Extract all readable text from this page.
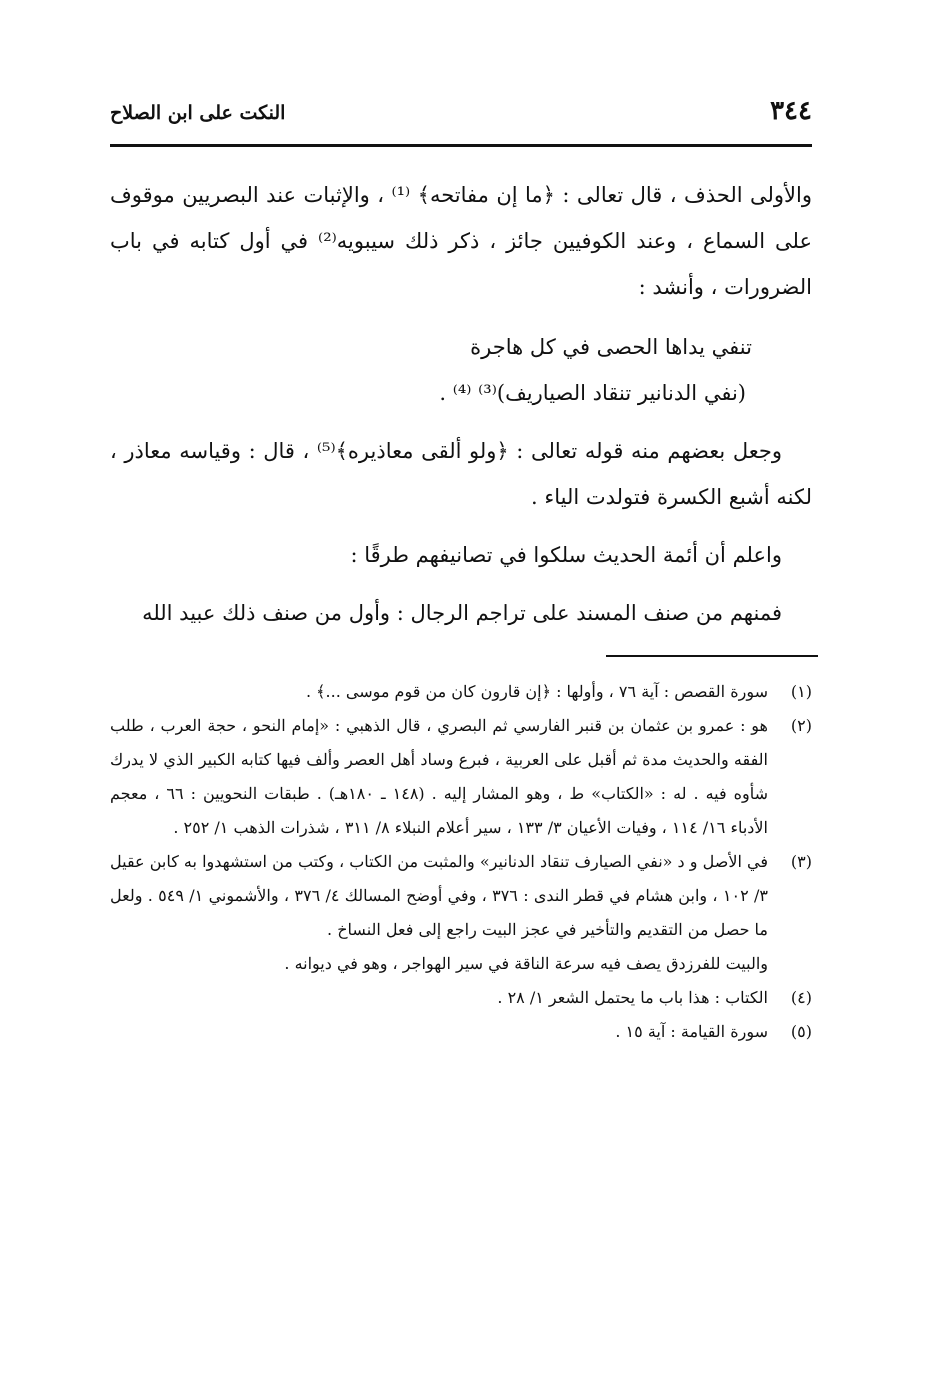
٣٤٤
النكت على ابن الصلاح

والأولى الحذف ، قال تعالى : ﴿ما إن مفاتحه﴾ ⁽¹⁾ ، والإثبات عند البصريين موقوف على السماع ، وعند الكوفيين جائز ، ذكر ذلك سيبويه⁽²⁾ في أول كتابه في باب الضرورات ، وأنشد :

تنفي يداها الحصى في كل هاجرة (نفي الدنانير تنقاد الصياريف)⁽³⁾ ⁽⁴⁾ .

وجعل بعضهم منه قوله تعالى : ﴿ولو ألقى معاذيره﴾⁽⁵⁾ ، قال : وقياسه معاذر ، لكنه أشبع الكسرة فتولدت الياء .

واعلم أن أئمة الحديث سلكوا في تصانيفهم طرقًا :

فمنهم من صنف المسند على تراجم الرجال : وأول من صنف ذلك عبيد الله

(١)
سورة القصص : آية ٧٦ ، وأولها : ﴿إن قارون كان من قوم موسى ...﴾ .

(٢)
هو : عمرو بن عثمان بن قنبر الفارسي ثم البصري ، قال الذهبي : «إمام النحو ، حجة العرب ، طلب الفقه والحديث مدة ثم أقبل على العربية ، فبرع وساد أهل العصر وألف فيها كتابه الكبير الذي لا يدرك شأوه فيه . له : «الكتاب» ط ، وهو المشار إليه . (١٤٨ ـ ١٨٠هـ) . طبقات النحويين : ٦٦ ، معجم الأدباء ١٦/ ١١٤ ، وفيات الأعيان ٣/ ١٣٣ ، سير أعلام النبلاء ٨/ ٣١١ ، شذرات الذهب ١/ ٢٥٢ .

(٣)
في الأصل و د «نفي الصيارف تنقاد الدنانير» والمثبت من الكتاب ، وكتب من استشهدوا به كابن عقيل ٣/ ١٠٢ ، وابن هشام في قطر الندى : ٣٧٦ ، وفي أوضح المسالك ٤/ ٣٧٦ ، والأشموني ١/ ٥٤٩ . ولعل ما حصل من التقديم والتأخير في عجز البيت راجع إلى فعل النساخ .

والبيت للفرزدق يصف فيه سرعة الناقة في سير الهواجر ، وهو في ديوانه .

(٤)
الكتاب : هذا باب ما يحتمل الشعر ١/ ٢٨ .

(٥)
سورة القيامة : آية ١٥ .
